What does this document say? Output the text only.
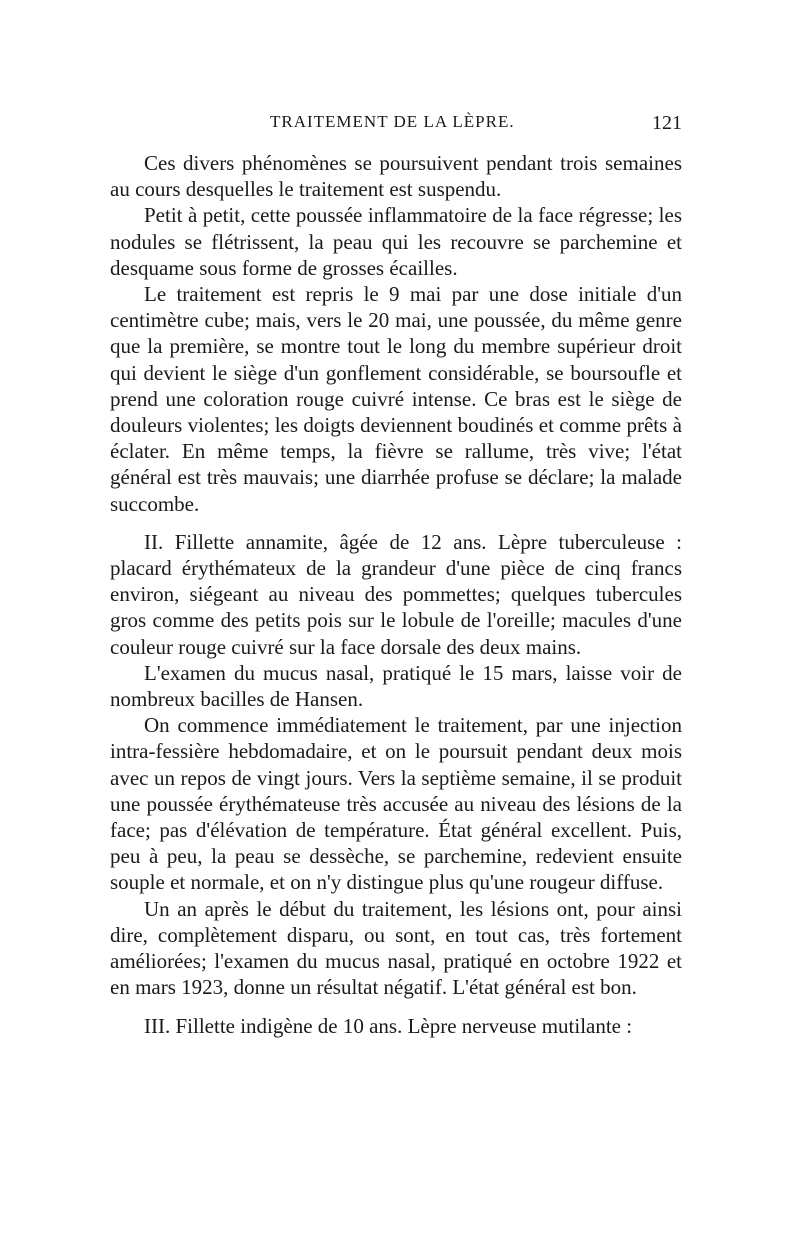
TRAITEMENT DE LA LÈPRE.	121

Ces divers phénomènes se poursuivent pendant trois semaines au cours desquelles le traitement est suspendu.

Petit à petit, cette poussée inflammatoire de la face régresse; les nodules se flétrissent, la peau qui les recouvre se parchemine et desquame sous forme de grosses écailles.

Le traitement est repris le 9 mai par une dose initiale d'un centimètre cube; mais, vers le 20 mai, une poussée, du même genre que la première, se montre tout le long du membre supérieur droit qui devient le siège d'un gonflement considérable, se boursoufle et prend une coloration rouge cuivré intense. Ce bras est le siège de douleurs violentes; les doigts deviennent boudinés et comme prêts à éclater. En même temps, la fièvre se rallume, très vive; l'état général est très mauvais; une diarrhée profuse se déclare; la malade succombe.

II. Fillette annamite, âgée de 12 ans. Lèpre tuberculeuse : placard érythémateux de la grandeur d'une pièce de cinq francs environ, siégeant au niveau des pommettes; quelques tubercules gros comme des petits pois sur le lobule de l'oreille; macules d'une couleur rouge cuivré sur la face dorsale des deux mains.

L'examen du mucus nasal, pratiqué le 15 mars, laisse voir de nombreux bacilles de Hansen.

On commence immédiatement le traitement, par une injection intra-fessière hebdomadaire, et on le poursuit pendant deux mois avec un repos de vingt jours. Vers la septième semaine, il se produit une poussée érythémateuse très accusée au niveau des lésions de la face; pas d'élévation de température. État général excellent. Puis, peu à peu, la peau se dessèche, se parchemine, redevient ensuite souple et normale, et on n'y distingue plus qu'une rougeur diffuse.

Un an après le début du traitement, les lésions ont, pour ainsi dire, complètement disparu, ou sont, en tout cas, très fortement améliorées; l'examen du mucus nasal, pratiqué en octobre 1922 et en mars 1923, donne un résultat négatif. L'état général est bon.

III. Fillette indigène de 10 ans. Lèpre nerveuse mutilante :
